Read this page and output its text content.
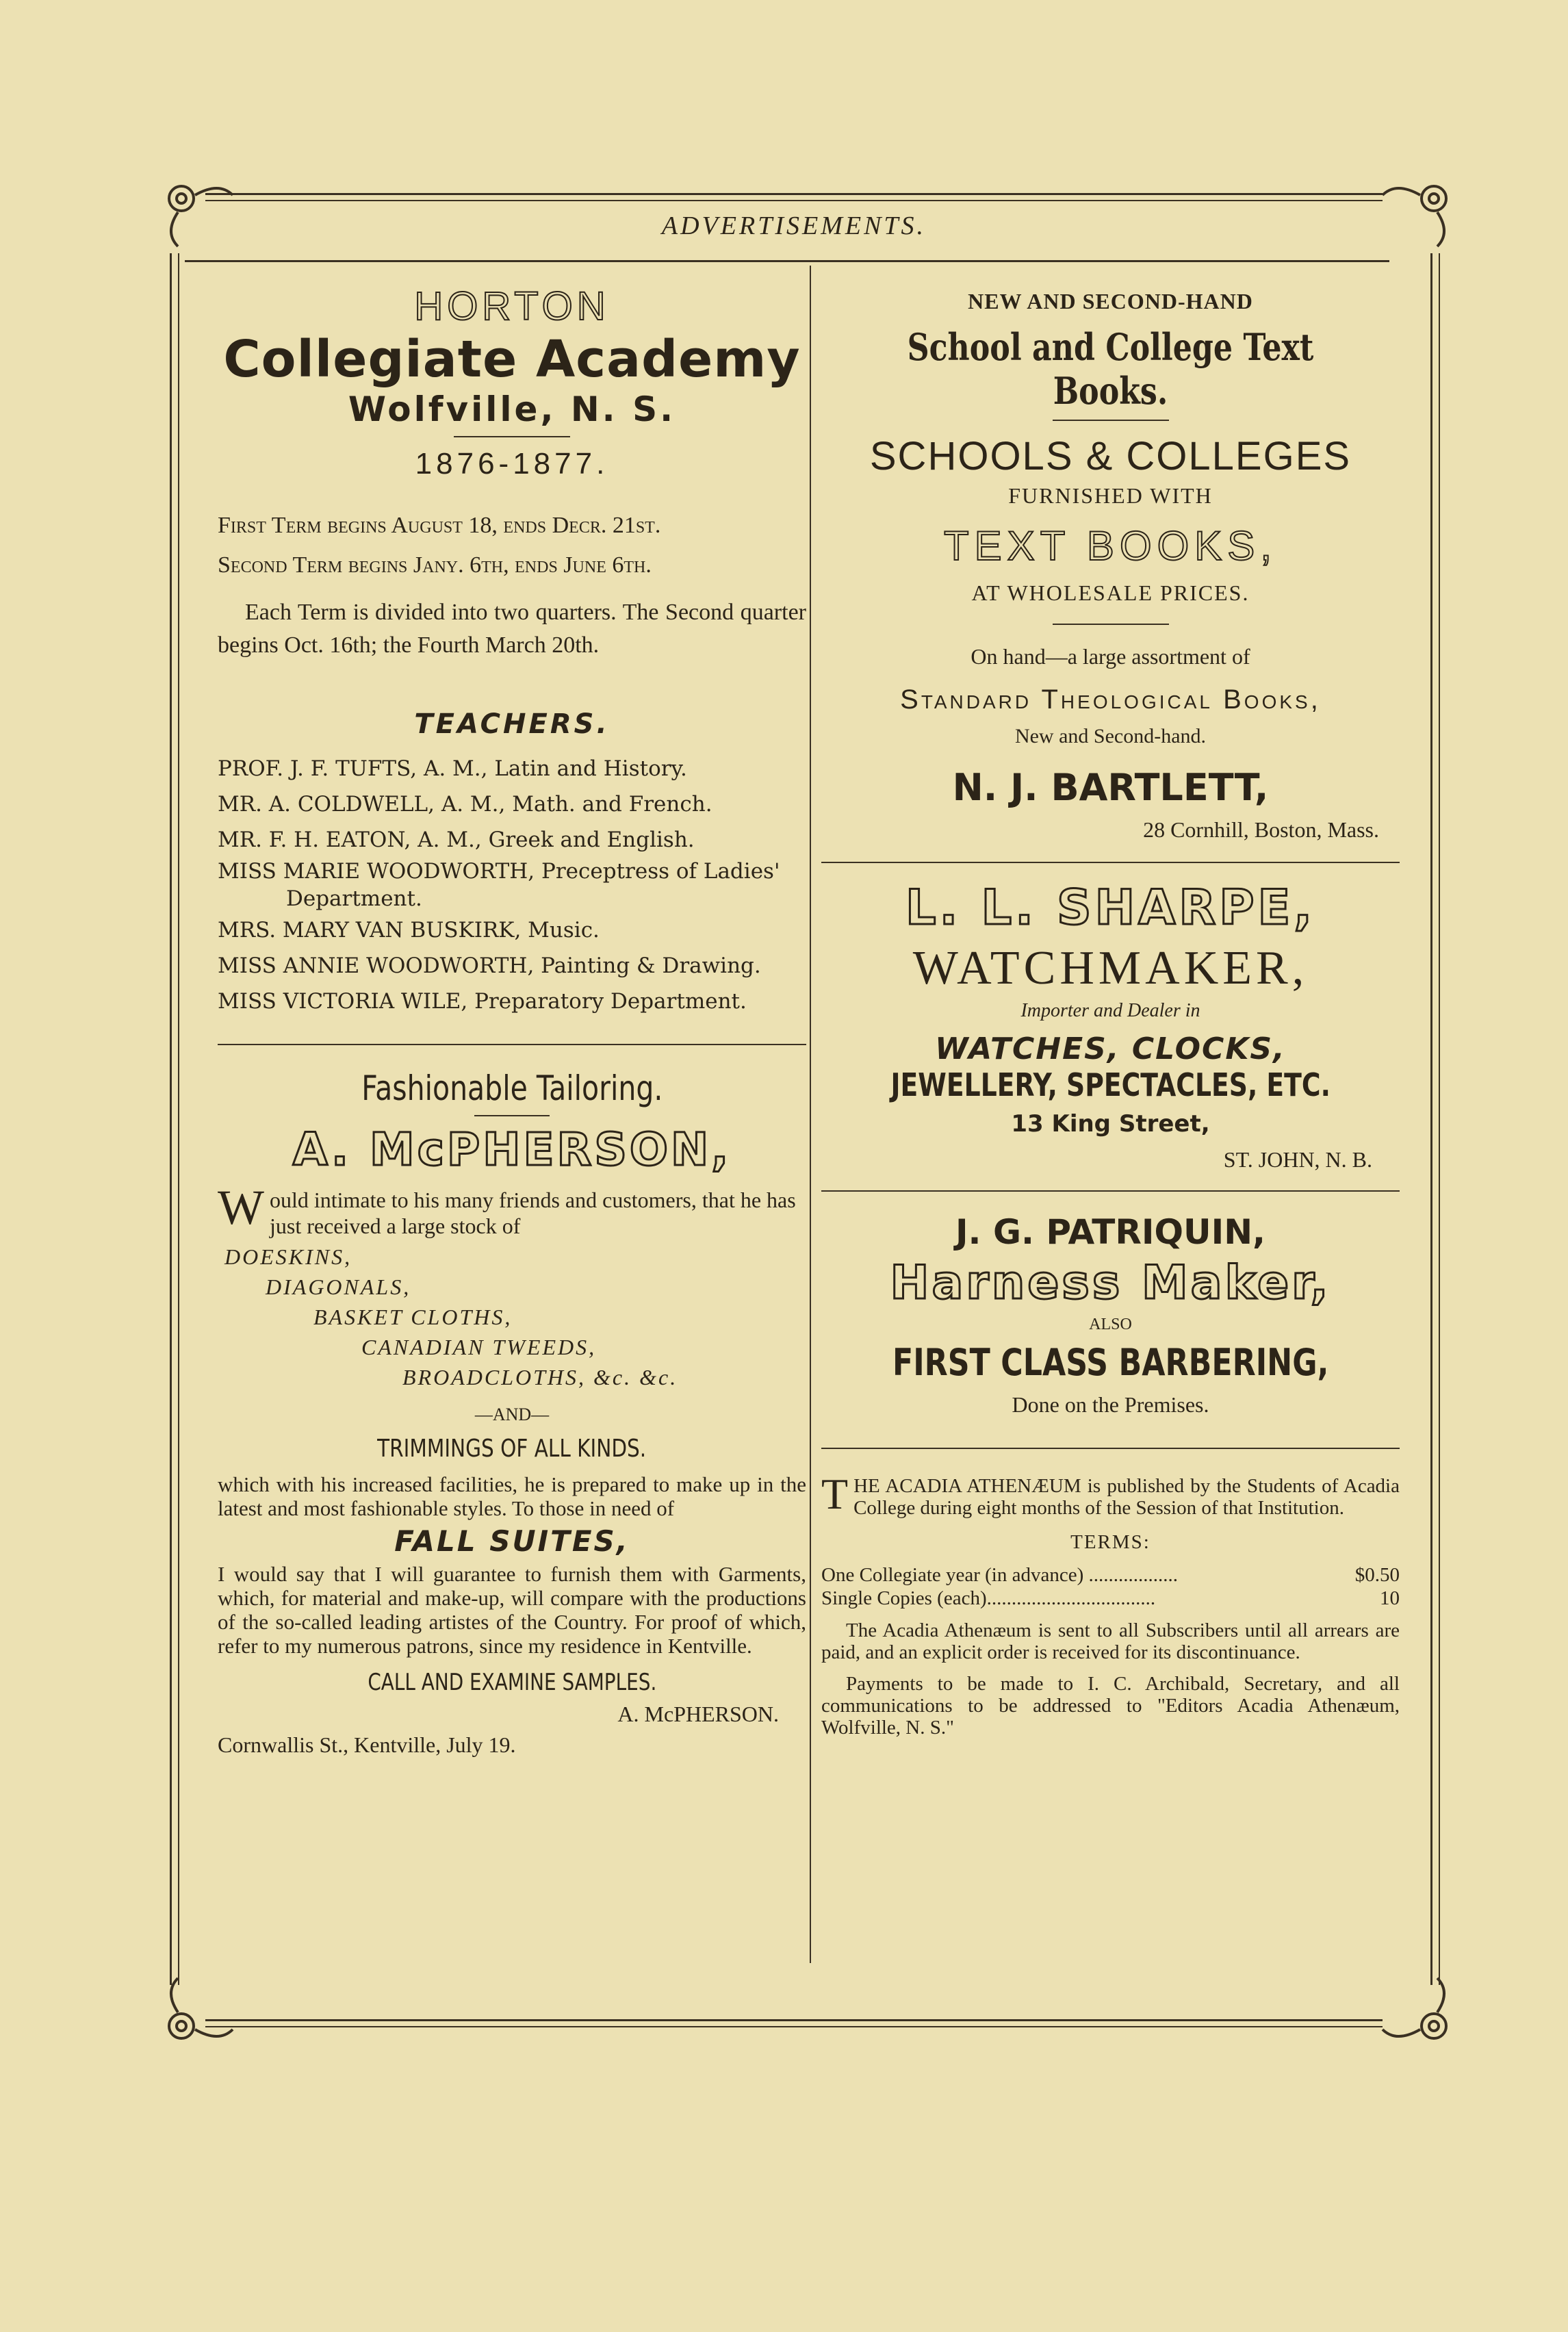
ADVERTISEMENTS.

HORTON

Collegiate Academy

Wolfville, N. S.

1876-1877.

First Term begins August 18, ends Decr. 21st.

Second Term begins Jany. 6th, ends June 6th.

Each Term is divided into two quarters. The Second quarter begins Oct. 16th; the Fourth March 20th.

TEACHERS.

PROF. J. F. TUFTS, A. M., Latin and History.

MR. A. COLDWELL, A. M., Math. and French.

MR. F. H. EATON, A. M., Greek and English.

MISS MARIE WOODWORTH, Preceptress of Ladies'

Department.

MRS. MARY VAN BUSKIRK, Music.

MISS ANNIE WOODWORTH, Painting & Drawing.

MISS VICTORIA WILE, Preparatory Department.

Fashionable Tailoring.

A. McPHERSON,

Would intimate to his many friends and customers, that he has just received a large stock of

DOESKINS,

DIAGONALS,

BASKET CLOTHS,

CANADIAN TWEEDS,

BROADCLOTHS, &c. &c.

—AND—

TRIMMINGS OF ALL KINDS.

which with his increased facilities, he is prepared to make up in the latest and most fashionable styles. To those in need of

FALL SUITES,

I would say that I will guarantee to furnish them with Garments, which, for material and make-up, will compare with the productions of the so-called leading artistes of the Country. For proof of which, refer to my numerous patrons, since my residence in Kentville.

CALL AND EXAMINE SAMPLES.

A. McPHERSON.

Cornwallis St., Kentville, July 19.

NEW AND SECOND-HAND

School and College Text Books.

SCHOOLS & COLLEGES

FURNISHED WITH

TEXT BOOKS,

AT WHOLESALE PRICES.

On hand—a large assortment of

Standard Theological Books,

New and Second-hand.

N. J. BARTLETT,

28 Cornhill, Boston, Mass.

L. L. SHARPE,

WATCHMAKER,

Importer and Dealer in

WATCHES, CLOCKS,

JEWELLERY, SPECTACLES, ETC.

13 King Street,

ST. JOHN, N. B.

J. G. PATRIQUIN,

Harness Maker,

ALSO

FIRST CLASS BARBERING,

Done on the Premises.

THE ACADIA ATHENÆUM is published by the Students of Acadia College during eight months of the Session of that Institution.

TERMS:

One Collegiate year (in advance) ..................	$0.50
Single Copies (each)..................................	10

The Acadia Athenæum is sent to all Subscribers until all arrears are paid, and an explicit order is received for its discontinuance.

Payments to be made to I. C. Archibald, Secretary, and all communications to be addressed to "Editors Acadia Athenæum, Wolfville, N. S."
